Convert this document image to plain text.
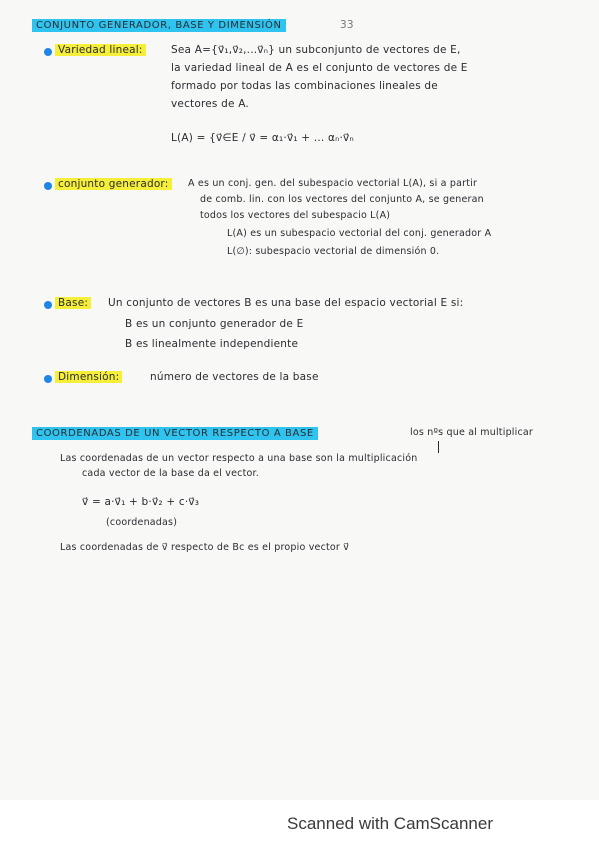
CONJUNTO GENERADOR, BASE Y DIMENSIÓN	33
Variedad lineal:	Sea A={v⃗₁,v⃗₂,...v⃗ₙ} un subconjunto de vectores de E,
la variedad lineal de A es el conjunto de vectores de E
formado por todas las combinaciones lineales de
vectores de A.
L(A) = {v⃗∈E / v⃗ = α₁·v⃗₁ + ... αₙ·v⃗ₙ
conjunto generador:	A es un conj. gen. del subespacio vectorial L(A), si a partir
de comb. lin. con los vectores del conjunto A, se generan
todos los vectores del subespacio L(A)
L(A) es un subespacio vectorial del conj. generador A
L(∅): subespacio vectorial de dimensión 0.
Base: Un conjunto de vectores B es una base del espacio vectorial E si:
B es un conjunto generador de E
B es linealmente independiente
Dimensión:	número de vectores de la base
COORDENADAS DE UN VECTOR RESPECTO A BASE	los nºs que al multiplicar
Las coordenadas de un vector respecto a una base son la multiplicación
cada vector de la base da el vector.
v⃗ = a·v⃗₁ + b·v⃗₂ + c·v⃗₃
(coordenadas)
Las coordenadas de v⃗ respecto de Bc es el propio vector v⃗
Scanned with CamScanner
